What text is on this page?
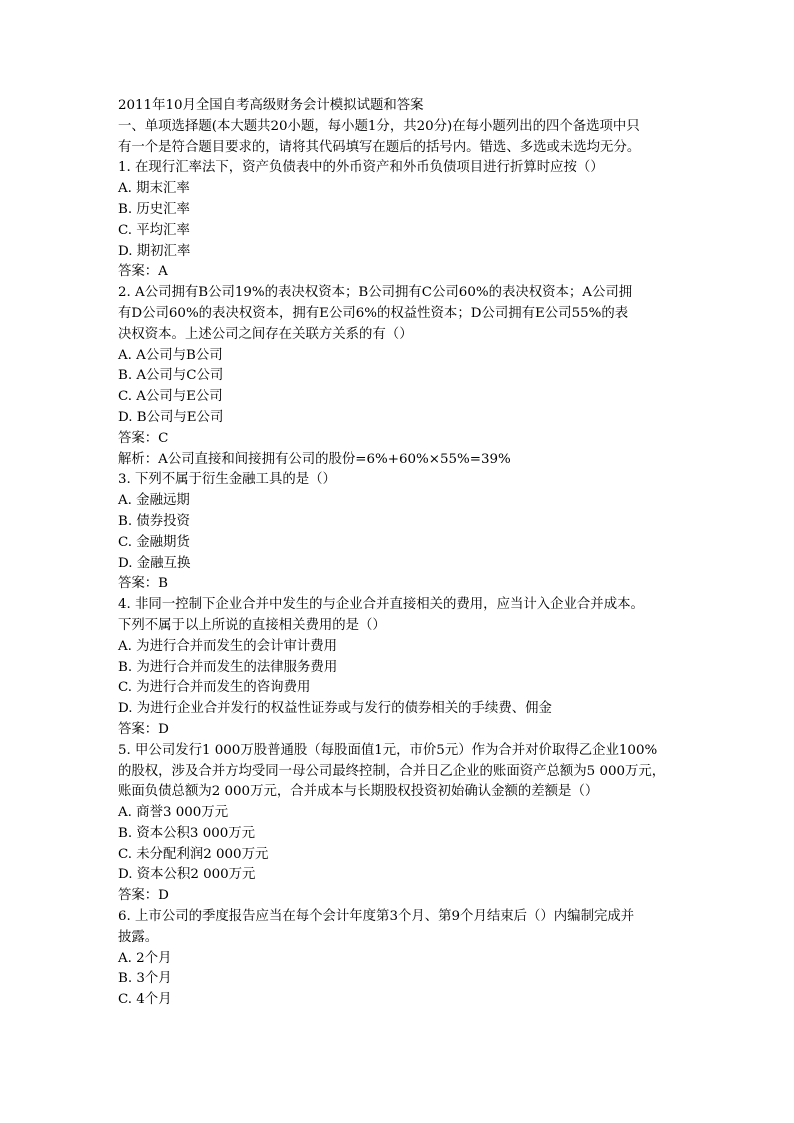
2011年10月全国自考高级财务会计模拟试题和答案

一、单项选择题(本大题共20小题，每小题1分，共20分)在每小题列出的四个备选项中只

有一个是符合题目要求的，请将其代码填写在题后的括号内。错选、多选或未选均无分。

1. 在现行汇率法下，资产负债表中的外币资产和外币负债项目进行折算时应按（）

A. 期末汇率

B. 历史汇率

C. 平均汇率

D. 期初汇率

答案：A

2. A公司拥有B公司19%的表决权资本；B公司拥有C公司60%的表决权资本；A公司拥

有D公司60%的表决权资本，拥有E公司6%的权益性资本；D公司拥有E公司55%的表

决权资本。上述公司之间存在关联方关系的有（）

A. A公司与B公司

B. A公司与C公司

C. A公司与E公司

D. B公司与E公司

答案：C

解析：A公司直接和间接拥有公司的股份=6%+60%×55%=39%

3. 下列不属于衍生金融工具的是（）

A. 金融远期

B. 债券投资

C. 金融期货

D. 金融互换

答案：B

4. 非同一控制下企业合并中发生的与企业合并直接相关的费用，应当计入企业合并成本。

下列不属于以上所说的直接相关费用的是（）

A. 为进行合并而发生的会计审计费用

B. 为进行合并而发生的法律服务费用

C. 为进行合并而发生的咨询费用

D. 为进行企业合并发行的权益性证券或与发行的债券相关的手续费、佣金

答案：D

5. 甲公司发行1 000万股普通股（每股面值1元，市价5元）作为合并对价取得乙企业100%

的股权，涉及合并方均受同一母公司最终控制，合并日乙企业的账面资产总额为5 000万元，

账面负债总额为2 000万元，合并成本与长期股权投资初始确认金额的差额是（）

A. 商誉3 000万元

B. 资本公积3 000万元

C. 未分配利润2 000万元

D. 资本公积2 000万元

答案：D

6. 上市公司的季度报告应当在每个会计年度第3个月、第9个月结束后（）内编制完成并

披露。

A. 2个月

B. 3个月

C. 4个月
